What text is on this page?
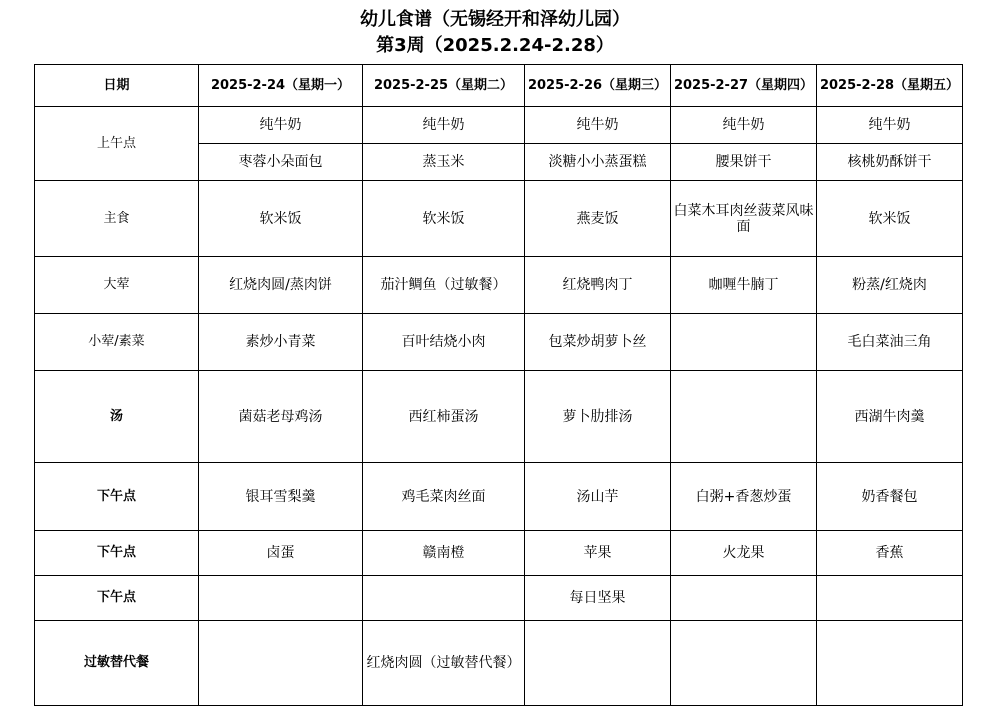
幼儿食谱（无锡经开和泽幼儿园）
第3周（2025.2.24-2.28）
日期	2025-2-24（星期一）	2025-2-25（星期二）	2025-2-26（星期三）	2025-2-27（星期四）	2025-2-28（星期五）
上午点	纯牛奶	纯牛奶	纯牛奶	纯牛奶	纯牛奶
	枣蓉小朵面包	蒸玉米	淡糖小小蒸蛋糕	腰果饼干	核桃奶酥饼干
主食	软米饭	软米饭	燕麦饭	白菜木耳肉丝菠菜风味面	软米饭
大荤	红烧肉圆/蒸肉饼	茄汁鲷鱼（过敏餐）	红烧鸭肉丁	咖喱牛腩丁	粉蒸/红烧肉
小荤/素菜	素炒小青菜	百叶结烧小肉	包菜炒胡萝卜丝		毛白菜油三角
汤	菌菇老母鸡汤	西红柿蛋汤	萝卜肋排汤		西湖牛肉羹
下午点	银耳雪梨羹	鸡毛菜肉丝面	汤山芋	白粥+香葱炒蛋	奶香餐包
下午点	卤蛋	赣南橙	苹果	火龙果	香蕉
下午点			每日坚果		
过敏替代餐		红烧肉圆（过敏替代餐）			
